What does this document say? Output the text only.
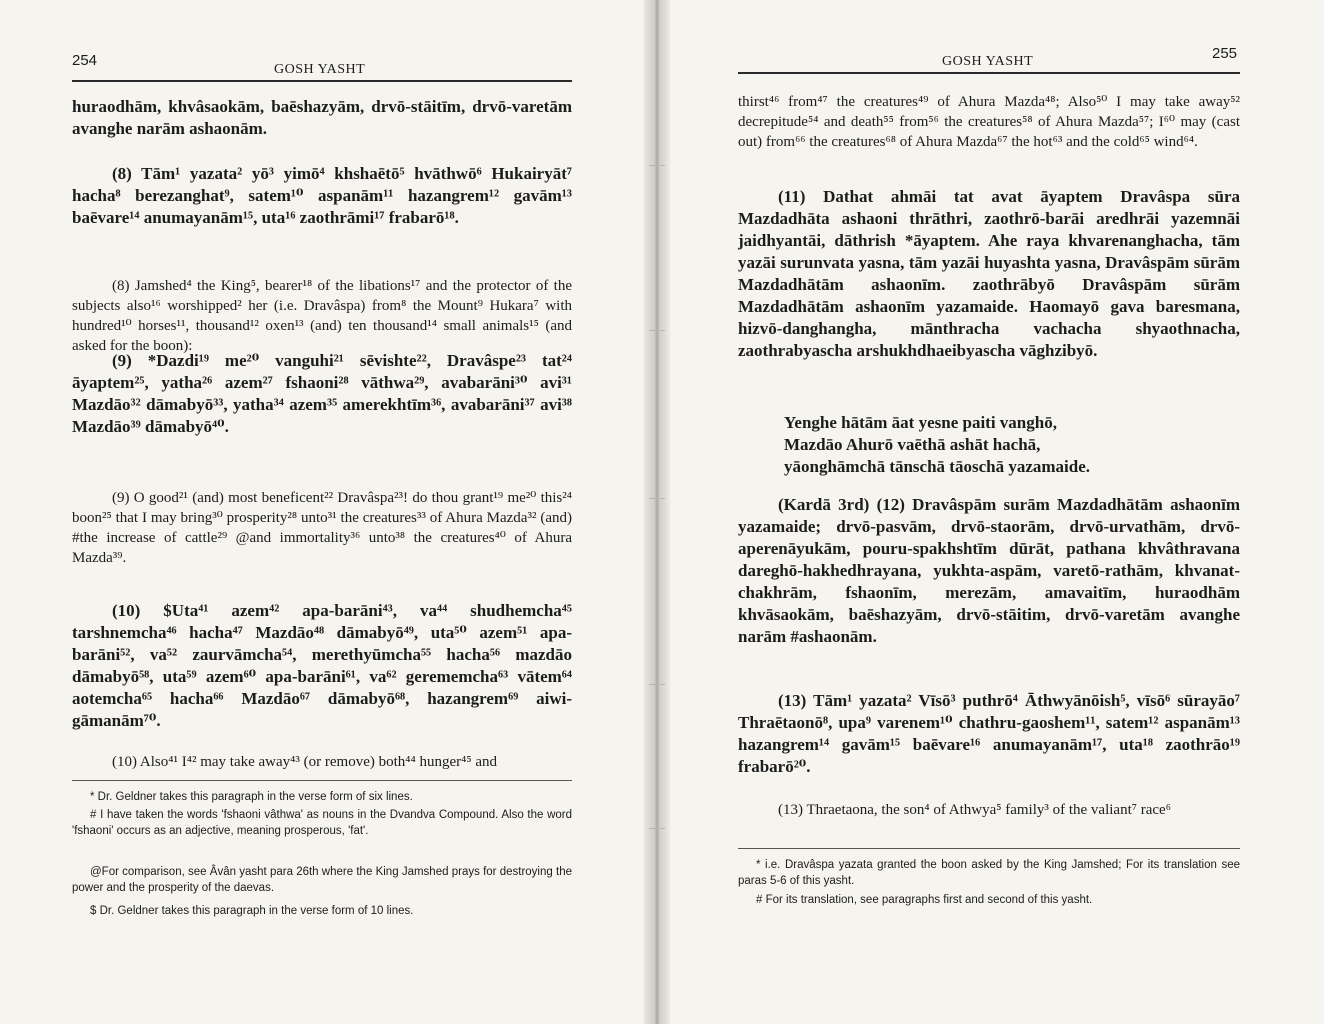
254
GOSH YASHT
huraodhām, khvâsaokām, baēshazyām, drvō-stāitīm, drvō-varetām avanghe narām ashaonām.
(8) Tām¹ yazata² yō³ yimō⁴ khshaētō⁵ hvāthwō⁶ Hukairyāt⁷ hacha⁸ berezanghat⁹, satem¹⁰ aspanām¹¹ hazangrem¹² gavām¹³ baēvare¹⁴ anumayanām¹⁵, uta¹⁶ zaothrāmi¹⁷ frabarō¹⁸.
(8) Jamshed⁴ the King⁵, bearer¹⁸ of the libations¹⁷ and the protector of the subjects also¹⁶ worshipped² her (i.e. Dravâspa) from⁸ the Mount⁹ Hukara⁷ with hundred¹⁰ horses¹¹, thousand¹² oxen¹³ (and) ten thousand¹⁴ small animals¹⁵ (and asked for the boon):
(9) *Dazdi¹⁹ me²⁰ vanguhi²¹ sēvishte²², Dravâspe²³ tat²⁴ āyaptem²⁵, yatha²⁶ azem²⁷ fshaoni²⁸ vāthwa²⁹, avabarāni³⁰ avi³¹ Mazdāo³² dāmabyō³³, yatha³⁴ azem³⁵ amerekhtīm³⁶, avabarāni³⁷ avi³⁸ Mazdāo³⁹ dāmabyō⁴⁰.
(9) O good²¹ (and) most beneficent²² Dravâspa²³! do thou grant¹⁹ me²⁰ this²⁴ boon²⁵ that I may bring³⁰ prosperity²⁸ unto³¹ the creatures³³ of Ahura Mazda³² (and) #the increase of cattle²⁹ @and immortality³⁶ unto³⁸ the creatures⁴⁰ of Ahura Mazda³⁹.
(10) $Uta⁴¹ azem⁴² apa-barāni⁴³, va⁴⁴ shudhemcha⁴⁵ tarshnemcha⁴⁶ hacha⁴⁷ Mazdāo⁴⁸ dāmabyō⁴⁹, uta⁵⁰ azem⁵¹ apa-barāni⁵², va⁵² zaurvāmcha⁵⁴, merethyūmcha⁵⁵ hacha⁵⁶ mazdāo dāmabyō⁵⁸, uta⁵⁹ azem⁶⁰ apa-barāni⁶¹, va⁶² gerememcha⁶³ vātem⁶⁴ aotemcha⁶⁵ hacha⁶⁶ Mazdāo⁶⁷ dāmabyō⁶⁸, hazangrem⁶⁹ aiwi-gāmanām⁷⁰.
(10) Also⁴¹ I⁴² may take away⁴³ (or remove) both⁴⁴ hunger⁴⁵ and
* Dr. Geldner takes this paragraph in the verse form of six lines.
# I have taken the words 'fshaoni vâthwa' as nouns in the Dvandva Compound. Also the word 'fshaoni' occurs as an adjective, meaning prosperous, 'fat'.
@For comparison, see Âvân yasht para 26th where the King Jamshed prays for destroying the power and the prosperity of the daevas.
$ Dr. Geldner takes this paragraph in the verse form of 10 lines.
255
GOSH YASHT
thirst⁴⁶ from⁴⁷ the creatures⁴⁹ of Ahura Mazda⁴⁸; Also⁵⁰ I may take away⁵² decrepitude⁵⁴ and death⁵⁵ from⁵⁶ the creatures⁵⁸ of Ahura Mazda⁵⁷; I⁶⁰ may (cast out) from⁶⁶ the creatures⁶⁸ of Ahura Mazda⁶⁷ the hot⁶³ and the cold⁶⁵ wind⁶⁴.
(11) Dathat ahmāi tat avat āyaptem Dravâspa sūra Mazdadhāta ashaoni thrāthri, zaothrō-barāi aredhrāi yazemnāi jaidhyantāi, dāthrish *āyaptem. Ahe raya khvarenanghacha, tām yazāi surunvata yasna, tām yazāi huyashta yasna, Dravâspām sūrām Mazdadhātām ashaonīm. zaothrābyō Dravâspām sūrām Mazdadhātām ashaonīm yazamaide. Haomayō gava baresmana, hizvō-danghangha, mānthracha vachacha shyaothnacha, zaothrabyascha arshukhdhaeibyascha vāghzibyō.
Yenghe hātām āat yesne paiti vanghō,
Mazdāo Ahurō vaēthā ashāt hachā,
yāonghāmchā tānschā tāoschā yazamaide.
(Kardā 3rd) (12) Dravâspām surām Mazdadhātām ashaonīm yazamaide; drvō-pasvām, drvō-staorām, drvō-urvathām, drvō-aperenāyukām, pouru-spakhshtīm dūrāt, pathana khvâthravana dareghō-hakhedhrayana, yukhta-aspām, varetō-rathām, khvanat-chakhrām, fshaonīm, merezām, amavaitīm, huraodhām khvāsaokām, baēshazyām, drvō-stāitim, drvō-varetām avanghe narām #ashaonām.
(13) Tām¹ yazata² Vīsō³ puthrō⁴ Āthwyānōish⁵, vīsō⁶ sūrayāo⁷ Thraētaonō⁸, upa⁹ varenem¹⁰ chathru-gaoshem¹¹, satem¹² aspanām¹³ hazangrem¹⁴ gavām¹⁵ baēvare¹⁶ anumayanām¹⁷, uta¹⁸ zaothrāo¹⁹ frabarō²⁰.
(13) Thraetaona, the son⁴ of Athwya⁵ family³ of the valiant⁷ race⁶
* i.e. Dravâspa yazata granted the boon asked by the King Jamshed; For its translation see paras 5-6 of this yasht.
# For its translation, see paragraphs first and second of this yasht.
